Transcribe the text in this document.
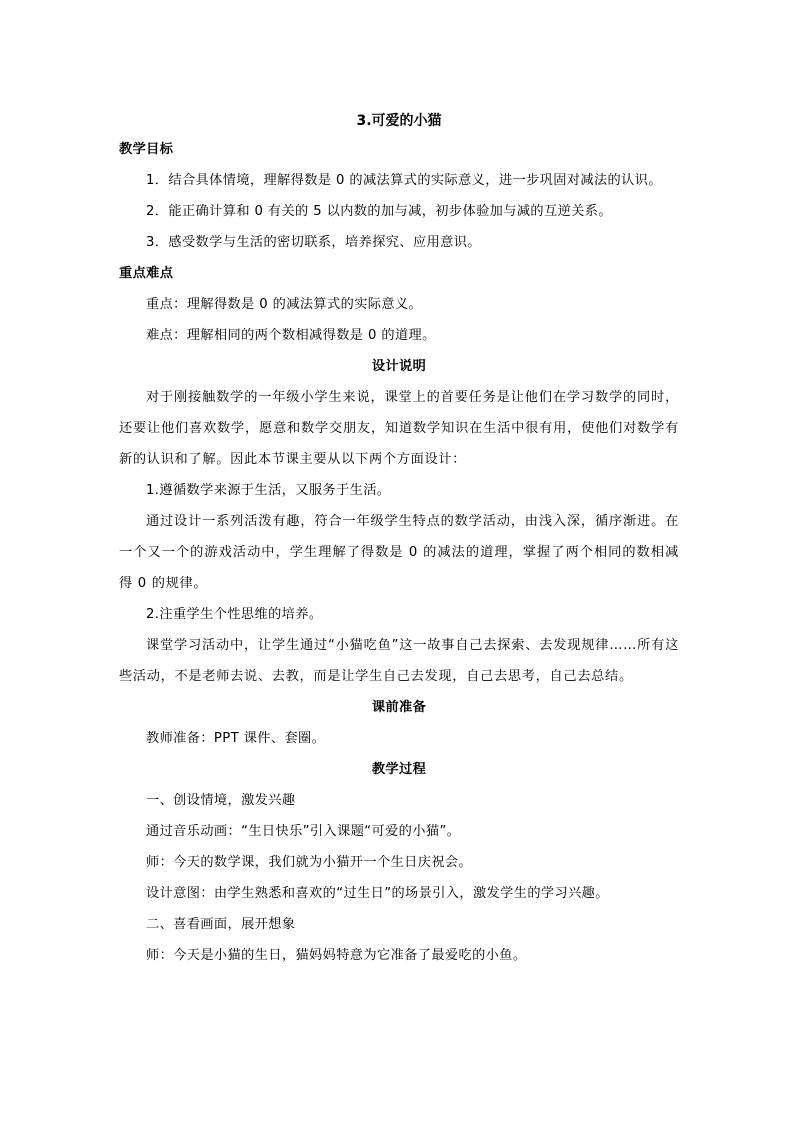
3.可爱的小猫
教学目标
1．结合具体情境，理解得数是 0 的减法算式的实际意义，进一步巩固对减法的认识。
2．能正确计算和 0 有关的 5 以内数的加与减，初步体验加与减的互逆关系。
3．感受数学与生活的密切联系，培养探究、应用意识。
重点难点
重点：理解得数是 0 的减法算式的实际意义。
难点：理解相同的两个数相减得数是 0 的道理。
设计说明
对于刚接触数学的一年级小学生来说，课堂上的首要任务是让他们在学习数学的同时，还要让他们喜欢数学，愿意和数学交朋友，知道数学知识在生活中很有用，使他们对数学有新的认识和了解。因此本节课主要从以下两个方面设计：
1.遵循数学来源于生活，又服务于生活。
通过设计一系列活泼有趣，符合一年级学生特点的数学活动，由浅入深，循序渐进。在一个又一个的游戏活动中，学生理解了得数是 0 的减法的道理，掌握了两个相同的数相减得 0 的规律。
2.注重学生个性思维的培养。
课堂学习活动中，让学生通过“小猫吃鱼”这一故事自己去探索、去发现规律……所有这些活动，不是老师去说、去教，而是让学生自己去发现，自己去思考，自己去总结。
课前准备
教师准备：PPT 课件、套圈。
教学过程
一、创设情境，激发兴趣
通过音乐动画：“生日快乐”引入课题“可爱的小猫”。
师：今天的数学课，我们就为小猫开一个生日庆祝会。
设计意图：由学生熟悉和喜欢的“过生日”的场景引入，激发学生的学习兴趣。
二、喜看画面，展开想象
师：今天是小猫的生日，猫妈妈特意为它准备了最爱吃的小鱼。
